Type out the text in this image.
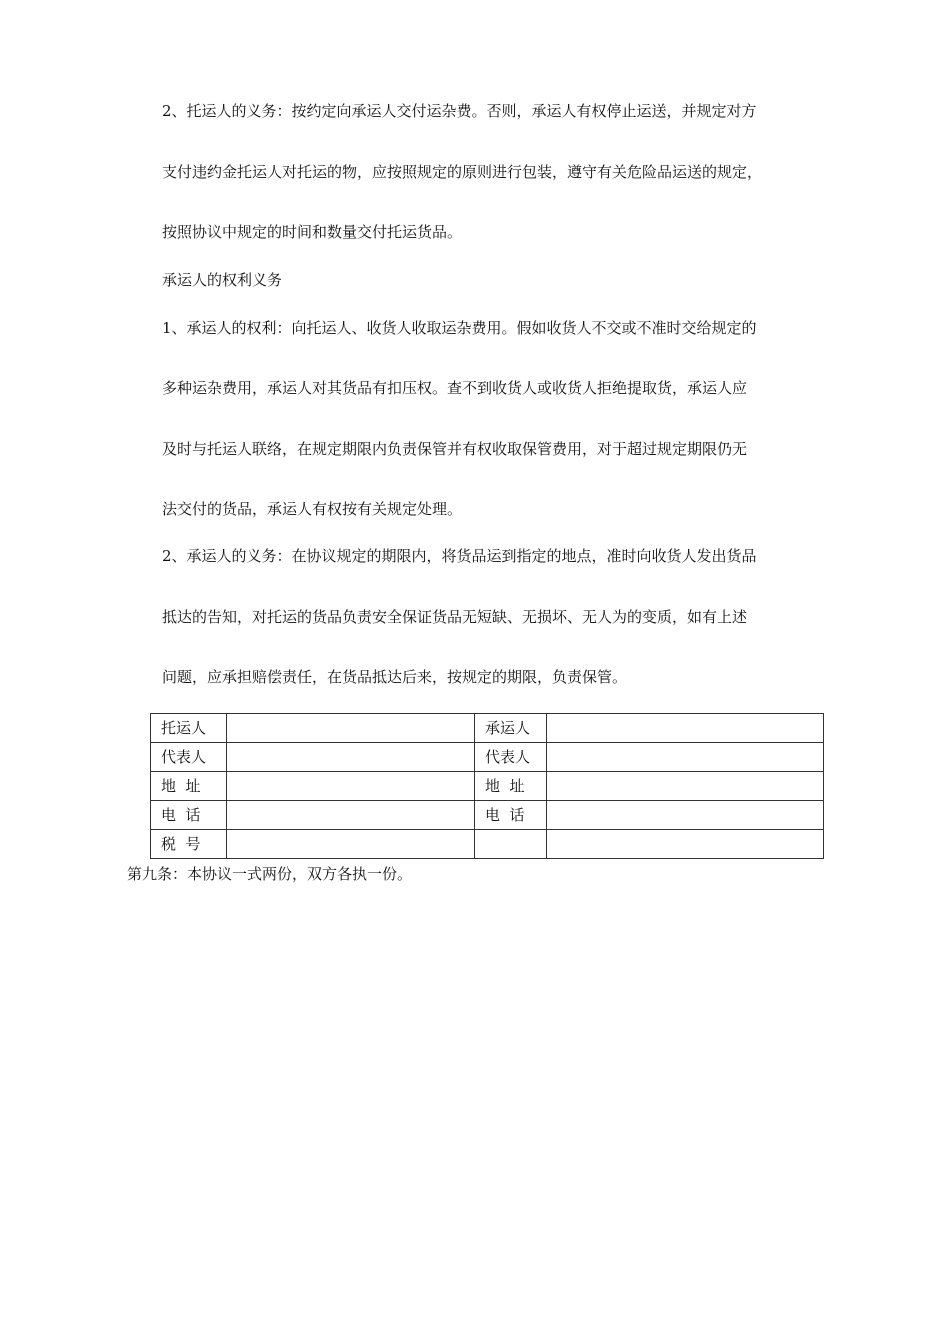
2、托运人的义务：按约定向承运人交付运杂费。否则，承运人有权停止运送，并规定对方
支付违约金托运人对托运的物，应按照规定的原则进行包装，遵守有关危险品运送的规定，
按照协议中规定的时间和数量交付托运货品。
承运人的权利义务
1、承运人的权利：向托运人、收货人收取运杂费用。假如收货人不交或不准时交给规定的
多种运杂费用，承运人对其货品有扣压权。查不到收货人或收货人拒绝提取货，承运人应
及时与托运人联络，在规定期限内负责保管并有权收取保管费用，对于超过规定期限仍无
法交付的货品，承运人有权按有关规定处理。
2、承运人的义务：在协议规定的期限内，将货品运到指定的地点，准时向收货人发出货品
抵达的告知，对托运的货品负责安全保证货品无短缺、无损坏、无人为的变质，如有上述
问题，应承担赔偿责任，在货品抵达后来，按规定的期限，负责保管。
托运人		承运人	
代表人		代表人	
地  址		地  址	
电  话		电  话	
税  号			
第九条：本协议一式两份，双方各执一份。
